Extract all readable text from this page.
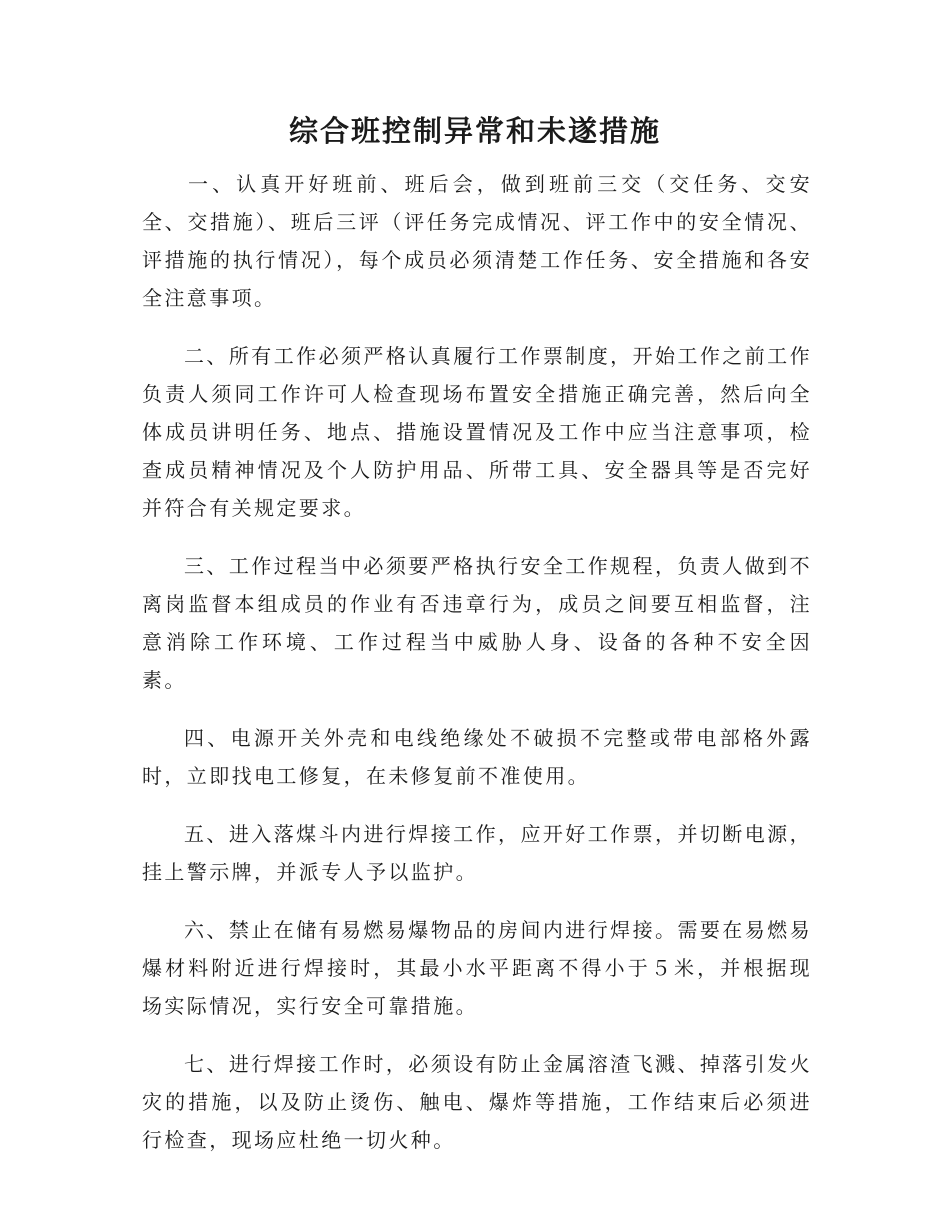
综合班控制异常和未遂措施

一、认真开好班前、班后会，做到班前三交（交任务、交安全、交措施）、班后三评（评任务完成情况、评工作中的安全情况、评措施的执行情况），每个成员必须清楚工作任务、安全措施和各安全注意事项。

二、所有工作必须严格认真履行工作票制度，开始工作之前工作负责人须同工作许可人检查现场布置安全措施正确完善，然后向全体成员讲明任务、地点、措施设置情况及工作中应当注意事项，检查成员精神情况及个人防护用品、所带工具、安全器具等是否完好并符合有关规定要求。

三、工作过程当中必须要严格执行安全工作规程，负责人做到不离岗监督本组成员的作业有否违章行为，成员之间要互相监督，注意消除工作环境、工作过程当中威胁人身、设备的各种不安全因素。

四、电源开关外壳和电线绝缘处不破损不完整或带电部格外露时，立即找电工修复，在未修复前不准使用。

五、进入落煤斗内进行焊接工作，应开好工作票，并切断电源，挂上警示牌，并派专人予以监护。

六、禁止在储有易燃易爆物品的房间内进行焊接。需要在易燃易爆材料附近进行焊接时，其最小水平距离不得小于５米，并根据现场实际情况，实行安全可靠措施。

七、进行焊接工作时，必须设有防止金属溶渣飞溅、掉落引发火灾的措施，以及防止烫伤、触电、爆炸等措施，工作结束后必须进行检查，现场应杜绝一切火种。
